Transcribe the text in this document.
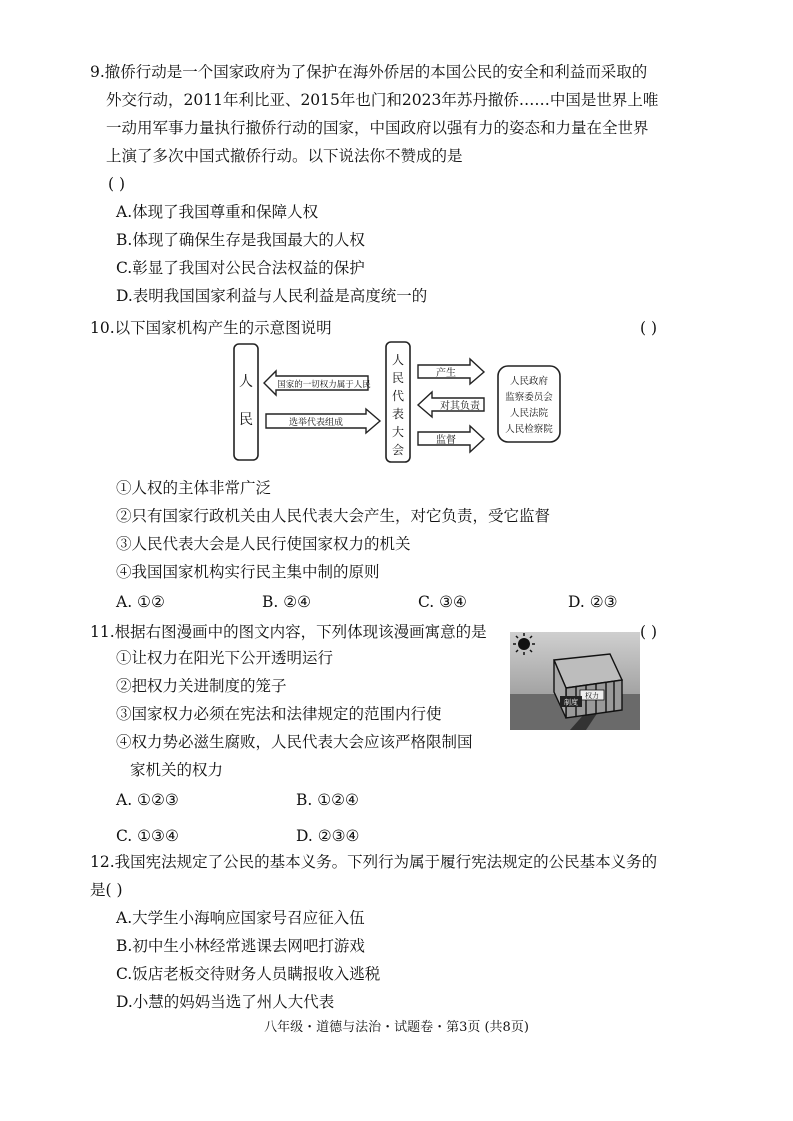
9.撤侨行动是一个国家政府为了保护在海外侨居的本国公民的安全和利益而采取的
外交行动，2011年利比亚、2015年也门和2023年苏丹撤侨……中国是世界上唯
一动用军事力量执行撤侨行动的国家，中国政府以强有力的姿态和力量在全世界
上演了多次中国式撤侨行动。以下说法你不赞成的是
( )
A.体现了我国尊重和保障人权
B.体现了确保生存是我国最大的人权
C.彰显了我国对公民合法权益的保护
D.表明我国国家利益与人民利益是高度统一的
10.以下国家机构产生的示意图说明	( )
人
民
国家的一切权力属于人民
选举代表组成
人
民
代
表
大
会
产生
对其负责
监督
人民政府
监察委员会
人民法院
人民检察院
①人权的主体非常广泛
②只有国家行政机关由人民代表大会产生，对它负责，受它监督
③人民代表大会是人民行使国家权力的机关
④我国国家机构实行民主集中制的原则
A. ①②	B. ②④	C. ③④	D. ②③
11.根据右图漫画中的图文内容，下列体现该漫画寓意的是	( )
权力
制度
①让权力在阳光下公开透明运行
②把权力关进制度的笼子
③国家权力必须在宪法和法律规定的范围内行使
④权力势必滋生腐败，人民代表大会应该严格限制国
家机关的权力
A. ①②③	B. ①②④
C. ①③④	D. ②③④
12.我国宪法规定了公民的基本义务。下列行为属于履行宪法规定的公民基本义务的
是( )
A.大学生小海响应国家号召应征入伍
B.初中生小林经常逃课去网吧打游戏
C.饭店老板交待财务人员瞒报收入逃税
D.小慧的妈妈当选了州人大代表
八年级・道德与法治・试题卷・第3页 (共8页)
